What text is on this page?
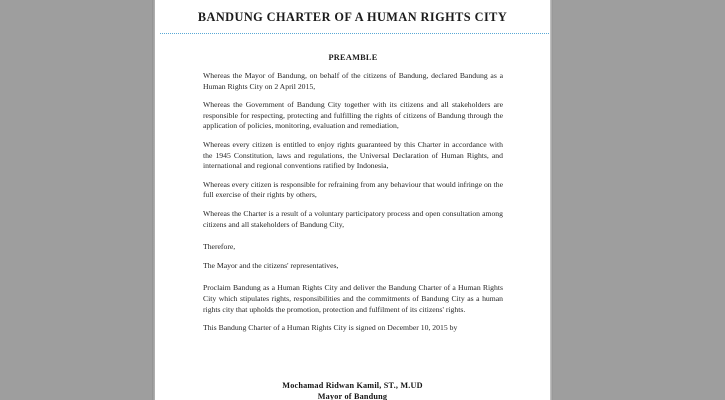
BANDUNG CHARTER OF A HUMAN RIGHTS CITY
PREAMBLE

Whereas the Mayor of Bandung, on behalf of the citizens of Bandung, declared Bandung as a Human Rights City on 2 April 2015,

Whereas the Government of Bandung City together with its citizens and all stakeholders are responsible for respecting, protecting and fulfilling the rights of citizens of Bandung through the application of policies, monitoring, evaluation and remediation,

Whereas every citizen is entitled to enjoy rights guaranteed by this Charter in accordance with the 1945 Constitution, laws and regulations, the Universal Declaration of Human Rights, and international and regional conventions ratified by Indonesia,

Whereas every citizen is responsible for refraining from any behaviour that would infringe on the full exercise of their rights by others,

Whereas the Charter is a result of a voluntary participatory process and open consultation among citizens and all stakeholders of Bandung City,

Therefore,

The Mayor and the citizens' representatives,

Proclaim Bandung as a Human Rights City and deliver the Bandung Charter of a Human Rights City which stipulates rights, responsibilities and the commitments of Bandung City as a human rights city that upholds the promotion, protection and fulfilment of its citizens' rights.

This Bandung Charter of a Human Rights City is signed on December 10, 2015 by

Mochamad Ridwan Kamil, ST., M.UD
Mayor of Bandung
